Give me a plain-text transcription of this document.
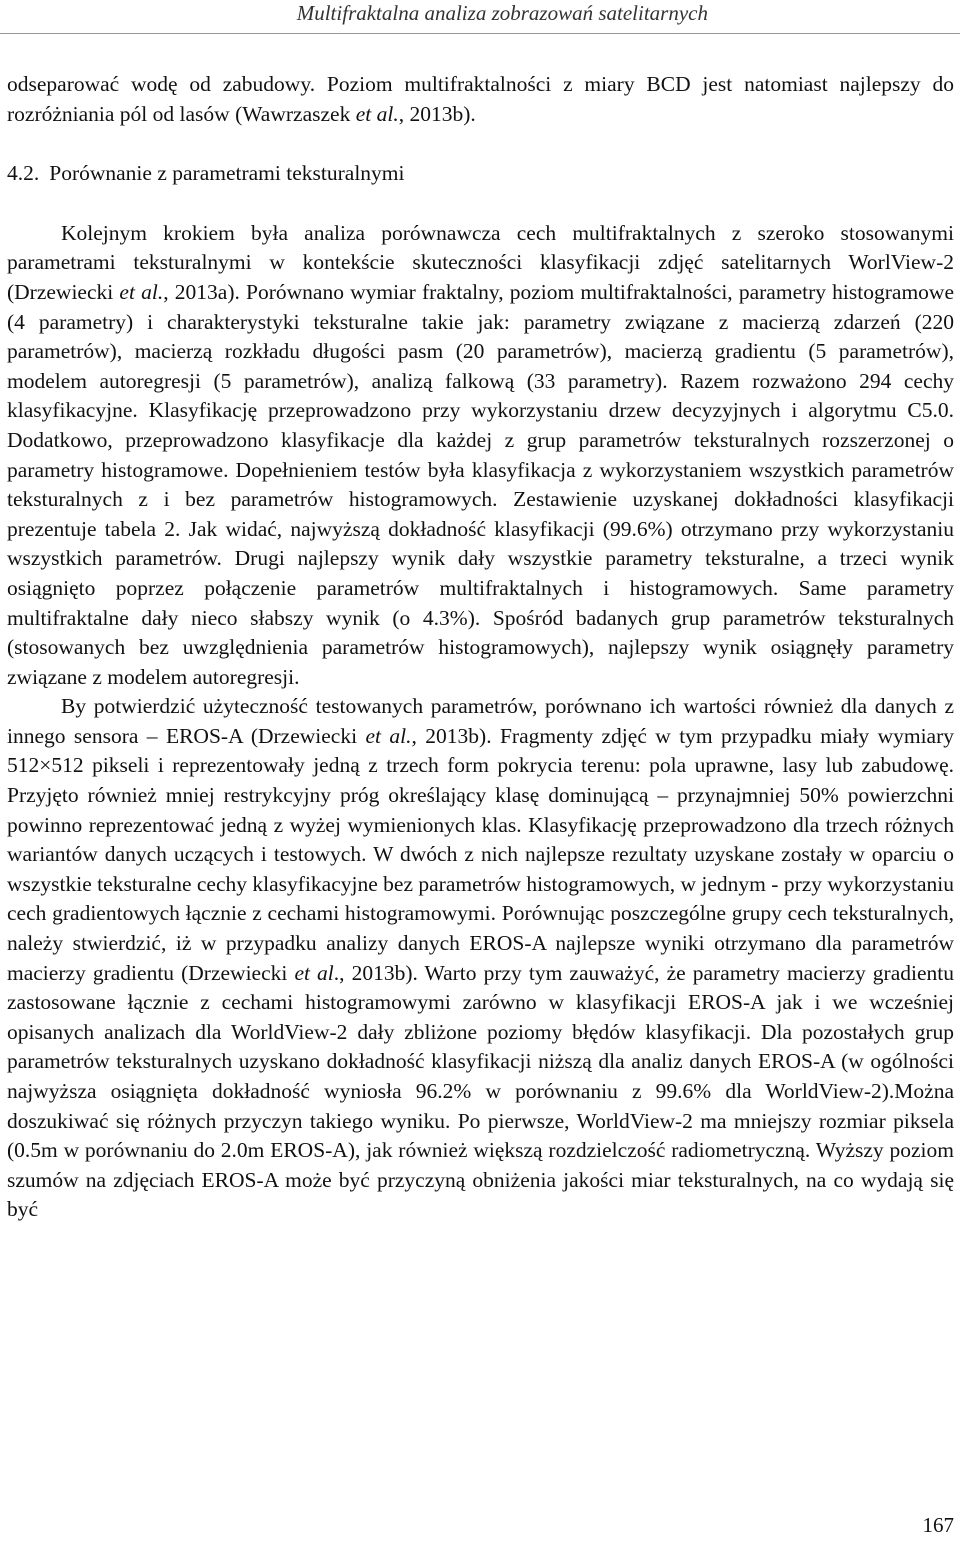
Multifraktalna analiza zobrazowań satelitarnych

odseparować wodę od zabudowy. Poziom multifraktalności z miary BCD jest natomiast najlepszy do rozróżniania pól od lasów (Wawrzaszek et al., 2013b).

4.2. Porównanie z parametrami teksturalnymi

Kolejnym krokiem była analiza porównawcza cech multifraktalnych z szeroko stosowanymi parametrami teksturalnymi w kontekście skuteczności klasyfikacji zdjęć satelitarnych WorlView-2 (Drzewiecki et al., 2013a). Porównano wymiar fraktalny, poziom multifraktalności, parametry histogramowe (4 parametry) i charakterystyki teksturalne takie jak: parametry związane z macierzą zdarzeń (220 parametrów), macierzą rozkładu długości pasm (20 parametrów), macierzą gradientu (5 parametrów), modelem autoregresji (5 parametrów), analizą falkową (33 parametry). Razem rozważono 294 cechy klasyfikacyjne. Klasyfikację przeprowadzono przy wykorzystaniu drzew decyzyjnych i algorytmu C5.0. Dodatkowo, przeprowadzono klasyfikacje dla każdej z grup parametrów teksturalnych rozszerzonej o parametry histogramowe. Dopełnieniem testów była klasyfikacja z wykorzystaniem wszystkich parametrów teksturalnych z i bez parametrów histogramowych. Zestawienie uzyskanej dokładności klasyfikacji prezentuje tabela 2. Jak widać, najwyższą dokładność klasyfikacji (99.6%) otrzymano przy wykorzystaniu wszystkich parametrów. Drugi najlepszy wynik dały wszystkie parametry teksturalne, a trzeci wynik osiągnięto poprzez połączenie parametrów multifraktalnych i histogramowych. Same parametry multifraktalne dały nieco słabszy wynik (o 4.3%). Spośród badanych grup parametrów teksturalnych (stosowanych bez uwzględnienia parametrów histogramowych), najlepszy wynik osiągnęły parametry związane z modelem autoregresji.

By potwierdzić użyteczność testowanych parametrów, porównano ich wartości również dla danych z innego sensora – EROS-A (Drzewiecki et al., 2013b). Fragmenty zdjęć w tym przypadku miały wymiary 512×512 pikseli i reprezentowały jedną z trzech form pokrycia terenu: pola uprawne, lasy lub zabudowę. Przyjęto również mniej restrykcyjny próg określający klasę dominującą – przynajmniej 50% powierzchni powinno reprezentować jedną z wyżej wymienionych klas. Klasyfikację przeprowadzono dla trzech różnych wariantów danych uczących i testowych. W dwóch z nich najlepsze rezultaty uzyskane zostały w oparciu o wszystkie teksturalne cechy klasyfikacyjne bez parametrów histogramowych, w jednym - przy wykorzystaniu cech gradientowych łącznie z cechami histogramowymi. Porównując poszczególne grupy cech teksturalnych, należy stwierdzić, iż w przypadku analizy danych EROS-A najlepsze wyniki otrzymano dla parametrów macierzy gradientu (Drzewiecki et al., 2013b). Warto przy tym zauważyć, że parametry macierzy gradientu zastosowane łącznie z cechami histogramowymi zarówno w klasyfikacji EROS-A jak i we wcześniej opisanych analizach dla WorldView-2 dały zbliżone poziomy błędów klasyfikacji. Dla pozostałych grup parametrów teksturalnych uzyskano dokładność klasyfikacji niższą dla analiz danych EROS-A (w ogólności najwyższa osiągnięta dokładność wyniosła 96.2% w porównaniu z 99.6% dla WorldView-2).Można doszukiwać się różnych przyczyn takiego wyniku. Po pierwsze, WorldView-2 ma mniejszy rozmiar piksela (0.5m w porównaniu do 2.0m EROS-A), jak również większą rozdzielczość radiometryczną. Wyższy poziom szumów na zdjęciach EROS-A może być przyczyną obniżenia jakości miar teksturalnych, na co wydają się być

167
